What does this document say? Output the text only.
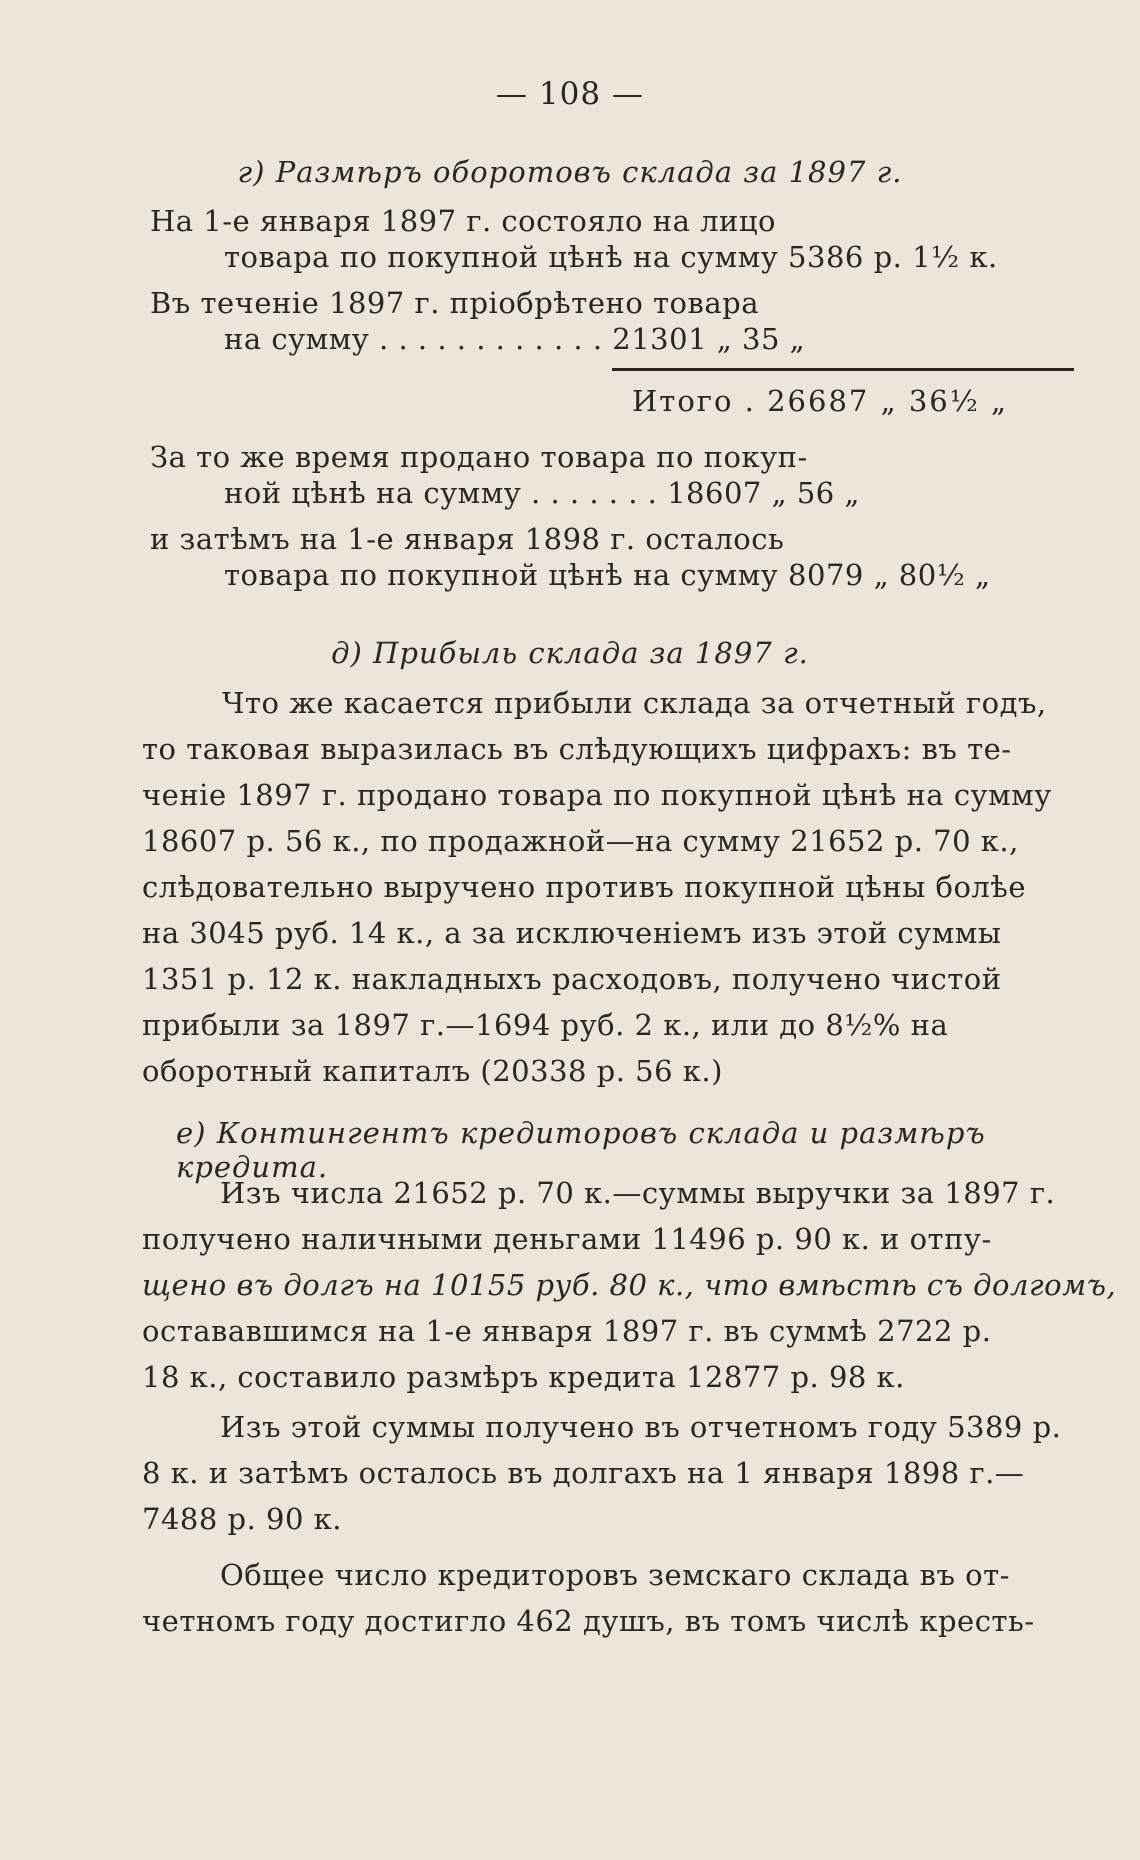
— 108 —
г) Размѣръ оборотовъ склада за 1897 г.
На 1-е января 1897 г. состояло на лицо
товара по покупной цѣнѣ на сумму 5386 р. 1½ к.
Въ теченіе 1897 г. пріобрѣтено товара
на сумму . . . . . . . . . . . . 21301 „ 35 „
Итого . 26687 „ 36½ „
За то же время продано товара по покуп-
ной цѣнѣ на сумму . . . . . . . 18607 „ 56 „
и затѣмъ на 1-е января 1898 г. осталось
товара по покупной цѣнѣ на сумму 8079 „ 80½ „
д) Прибыль склада за 1897 г.
Что же касается прибыли склада за отчетный годъ,
то таковая выразилась въ слѣдующихъ цифрахъ: въ те-
ченіе 1897 г. продано товара по покупной цѣнѣ на сумму
18607 р. 56 к., по продажной—на сумму 21652 р. 70 к.,
слѣдовательно выручено противъ покупной цѣны болѣе
на 3045 руб. 14 к., а за исключеніемъ изъ этой суммы
1351 р. 12 к. накладныхъ расходовъ, получено чистой
прибыли за 1897 г.—1694 руб. 2 к., или до 8½% на
оборотный капиталъ (20338 р. 56 к.)
е) Контингентъ кредиторовъ склада и размѣръ кредита.
Изъ числа 21652 р. 70 к.—суммы выручки за 1897 г.
получено наличными деньгами 11496 р. 90 к. и отпу-
щено въ долгъ на 10155 руб. 80 к., что вмѣстѣ съ долгомъ,
остававшимся на 1-е января 1897 г. въ суммѣ 2722 р.
18 к., составило размѣръ кредита 12877 р. 98 к.
Изъ этой суммы получено въ отчетномъ году 5389 р.
8 к. и затѣмъ осталось въ долгахъ на 1 января 1898 г.—
7488 р. 90 к.
Общее число кредиторовъ земскаго склада въ от-
четномъ году достигло 462 душъ, въ томъ числѣ кресть-
